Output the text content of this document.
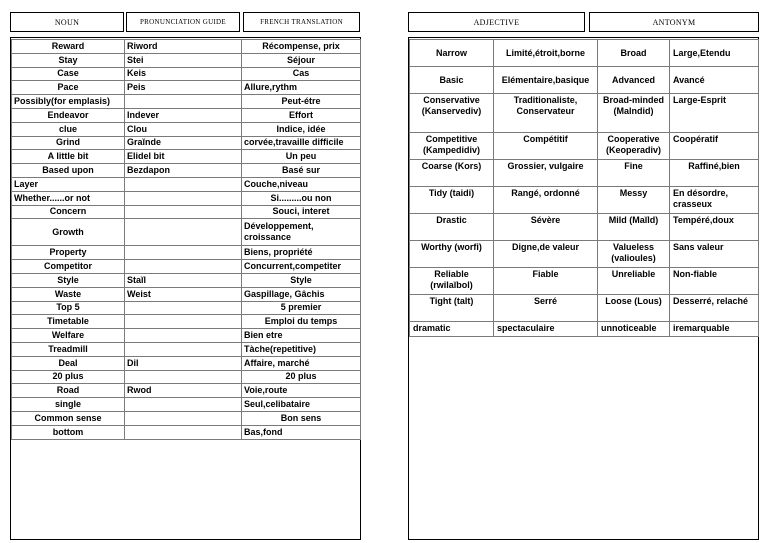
NOUN	PRONUNCIATION GUIDE	FRENCH TRANSLATION	ADJECTIVE	ANTONYM
Reward	Riword	Récompense, prix
Stay	Stei	Séjour
Case	Keis	Cas
Pace	Peis	Allure,rythm
Possibly(for emplasis)		Peut-étre
Endeavor	Indever	Effort
clue	Clou	Indice, idée
Grind	Graĭnde	corvée,travaille difficile
A little bit	Elidel bit	Un peu
Based upon	Bezdapon	Basé sur
Layer		Couche,niveau
Whether......or not		Si.........ou non
Concern		Souci, interet
Growth		Développement, croissance
Property		Biens, propriété
Competitor		Concurrent,competiter
Style	Staĭl	Style
Waste	Weist	Gaspillage, Gâchis
Top 5		5 premier
Timetable		Emploi du temps
Welfare		Bien etre
Treadmill		Tàche(repetitive)
Deal	Dil	Affaire, marché
20 plus		20 plus
Road	Rwod	Voie,route
single		Seul,celibataire
Common sense		Bon sens
bottom		Bas,fond
Narrow	Limité,étroit,borne	Broad	Large,Etendu
Basic	Elémentaire,basique	Advanced	Avancé
Conservative (Kanservediv)	Traditionaliste, Conservateur	Broad-minded (Malndid)	Large-Esprit
Competitive (Kampedidiv)	Compétitif	Cooperative (Keoperadiv)	Coopératif
Coarse (Kors)	Grossier, vulgaire	Fine	Raffiné,bien
Tidy (taidi)	Rangé, ordonné	Messy	En désordre, crasseux
Drastic	Sévère	Mild (Maĭld)	Tempéré,doux
Worthy (worfi)	Digne,de valeur	Valueless (valioules)	Sans valeur
Reliable (rwilaĭbol)	Fiable	Unreliable	Non-fiable
Tight (talt)	Serré	Loose (Lous)	Desserré, relaché
dramatic	spectaculaire	unnoticeable	iremarquable
